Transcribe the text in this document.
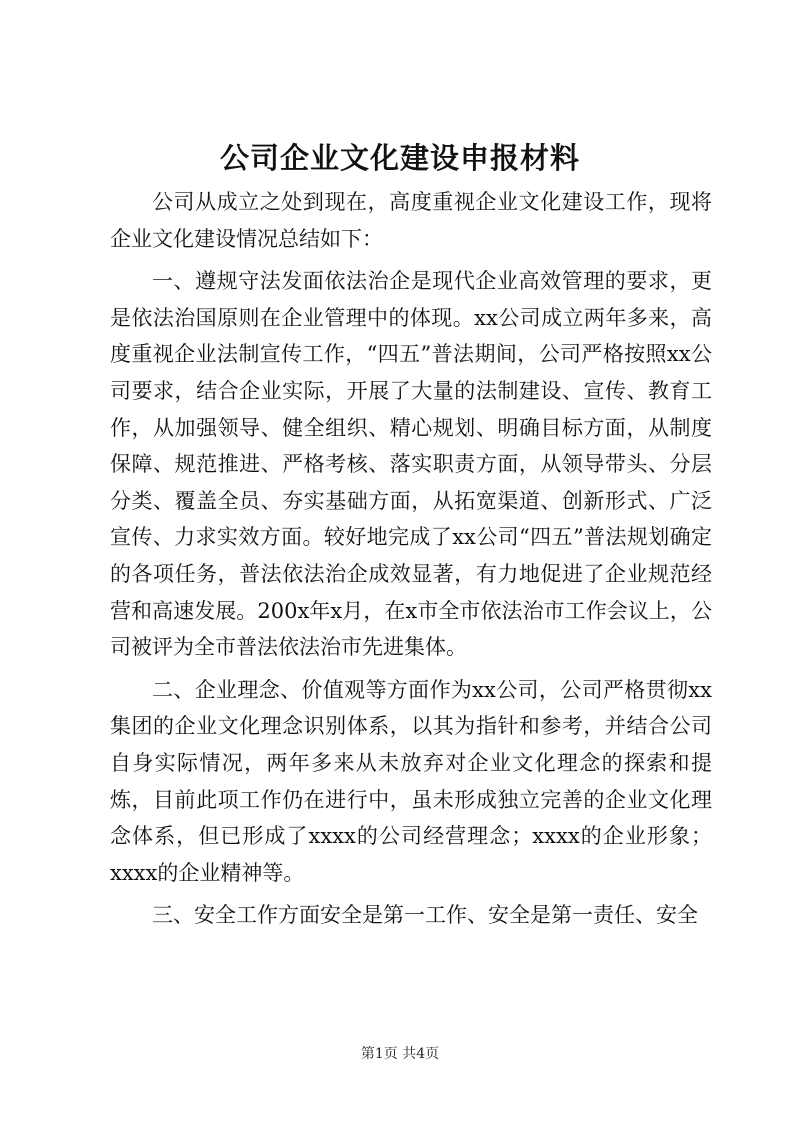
公司企业文化建设申报材料

公司从成立之处到现在，高度重视企业文化建设工作，现将企业文化建设情况总结如下：

一、遵规守法发面依法治企是现代企业高效管理的要求，更是依法治国原则在企业管理中的体现。xx公司成立两年多来，高度重视企业法制宣传工作，“四五”普法期间，公司严格按照xx公司要求，结合企业实际，开展了大量的法制建设、宣传、教育工作，从加强领导、健全组织、精心规划、明确目标方面，从制度保障、规范推进、严格考核、落实职责方面，从领导带头、分层分类、覆盖全员、夯实基础方面，从拓宽渠道、创新形式、广泛宣传、力求实效方面。较好地完成了xx公司“四五”普法规划确定的各项任务，普法依法治企成效显著，有力地促进了企业规范经营和高速发展。200x年x月，在x市全市依法治市工作会议上，公司被评为全市普法依法治市先进集体。

二、企业理念、价值观等方面作为xx公司，公司严格贯彻xx集团的企业文化理念识别体系，以其为指针和参考，并结合公司自身实际情况，两年多来从未放弃对企业文化理念的探索和提炼，目前此项工作仍在进行中，虽未形成独立完善的企业文化理念体系，但已形成了xxxx的公司经营理念；xxxx的企业形象；xxxx的企业精神等。

三、安全工作方面安全是第一工作、安全是第一责任、安全

第1页 共4页
